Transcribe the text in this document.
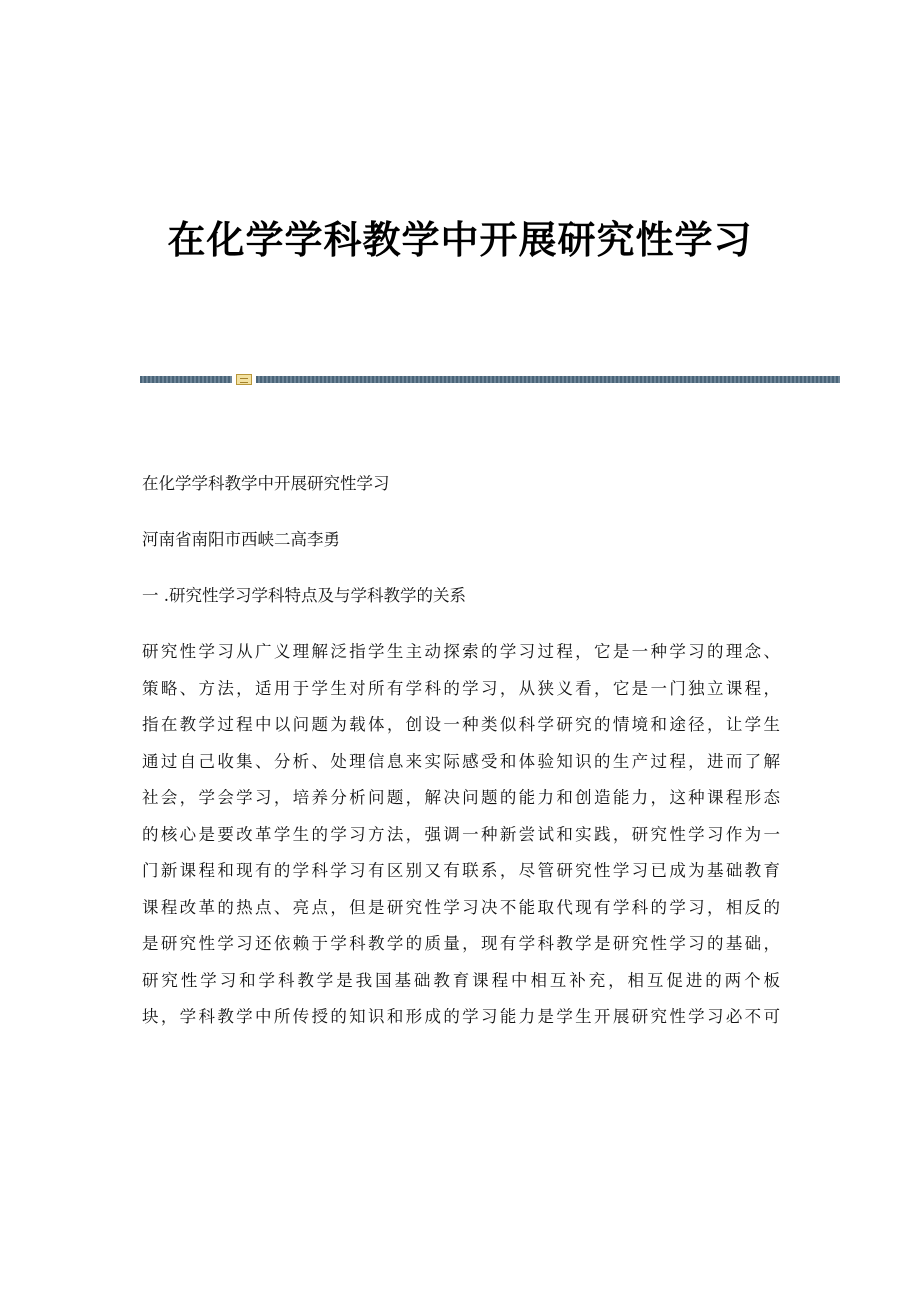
在化学学科教学中开展研究性学习
在化学学科教学中开展研究性学习
河南省南阳市西峡二高李勇
一 .研究性学习学科特点及与学科教学的关系
研究性学习从广义理解泛指学生主动探索的学习过程，它是一种学习的理念、
策略、方法，适用于学生对所有学科的学习，从狭义看，它是一门独立课程，
指在教学过程中以问题为载体，创设一种类似科学研究的情境和途径，让学生
通过自己收集、分析、处理信息来实际感受和体验知识的生产过程，进而了解
社会，学会学习，培养分析问题，解决问题的能力和创造能力，这种课程形态
的核心是要改革学生的学习方法，强调一种新尝试和实践，研究性学习作为一
门新课程和现有的学科学习有区别又有联系，尽管研究性学习已成为基础教育
课程改革的热点、亮点，但是研究性学习决不能取代现有学科的学习，相反的
是研究性学习还依赖于学科教学的质量，现有学科教学是研究性学习的基础，
研究性学习和学科教学是我国基础教育课程中相互补充，相互促进的两个板
块，学科教学中所传授的知识和形成的学习能力是学生开展研究性学习必不可
